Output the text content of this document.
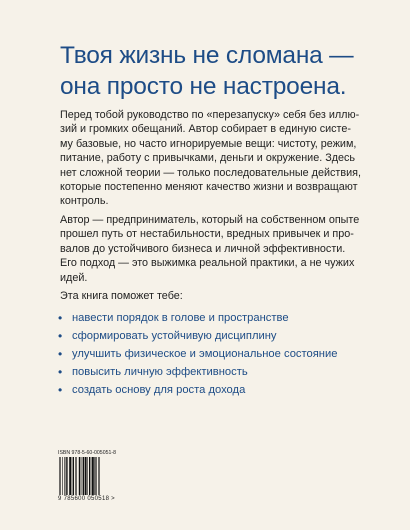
Твоя жизнь не сломана —
она просто не настроена.

Перед тобой руководство по «перезапуску» себя без иллю-
зий и громких обещаний. Автор собирает в единую систе-
му базовые, но часто игнорируемые вещи: чистоту, режим,
питание, работу с привычками, деньги и окружение. Здесь
нет сложной теории — только последовательные действия,
которые постепенно меняют качество жизни и возвращают
контроль.

Автор — предприниматель, который на собственном опыте
прошел путь от нестабильности, вредных привычек и про-
валов до устойчивого бизнеса и личной эффективности.
Его подход — это выжимка реальной практики, а не чужих
идей.

Эта книга поможет тебе:

• навести порядок в голове и пространстве
• сформировать устойчивую дисциплину
• улучшить физическое и эмоциональное состояние
• повысить личную эффективность
• создать основу для роста дохода
ISBN 978-5-60-005051-8
9 785600 050518 >
